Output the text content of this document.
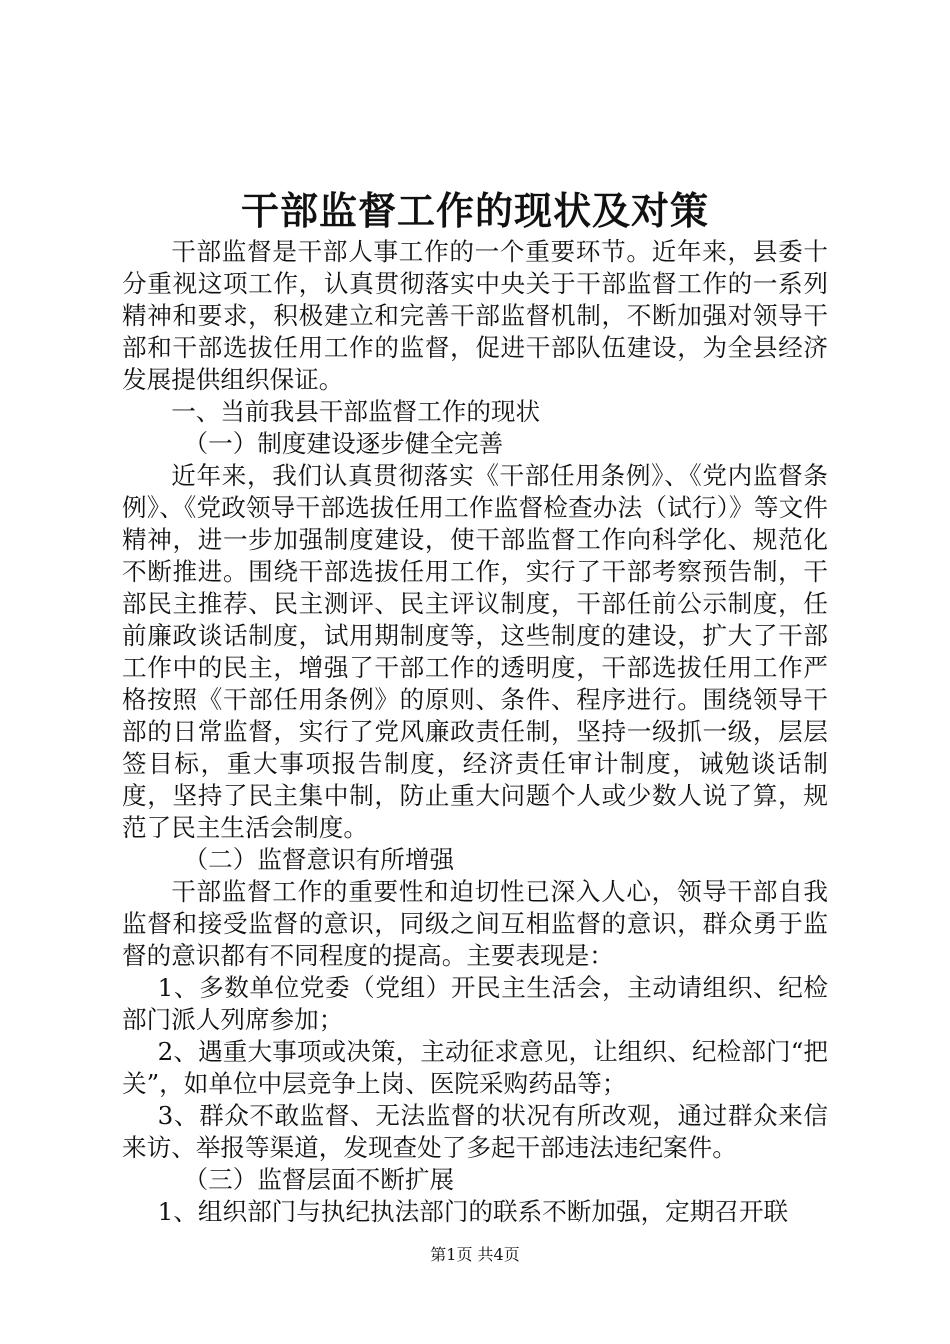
干部监督工作的现状及对策

干部监督是干部人事工作的一个重要环节。近年来，县委十分重视这项工作，认真贯彻落实中央关于干部监督工作的一系列精神和要求，积极建立和完善干部监督机制，不断加强对领导干部和干部选拔任用工作的监督，促进干部队伍建设，为全县经济发展提供组织保证。

一、当前我县干部监督工作的现状

（一）制度建设逐步健全完善

近年来，我们认真贯彻落实《干部任用条例》、《党内监督条例》、《党政领导干部选拔任用工作监督检查办法（试行）》等文件精神，进一步加强制度建设，使干部监督工作向科学化、规范化不断推进。围绕干部选拔任用工作，实行了干部考察预告制，干部民主推荐、民主测评、民主评议制度，干部任前公示制度，任前廉政谈话制度，试用期制度等，这些制度的建设，扩大了干部工作中的民主，增强了干部工作的透明度，干部选拔任用工作严格按照《干部任用条例》的原则、条件、程序进行。围绕领导干部的日常监督，实行了党风廉政责任制，坚持一级抓一级，层层签目标，重大事项报告制度，经济责任审计制度，诫勉谈话制度，坚持了民主集中制，防止重大问题个人或少数人说了算，规范了民主生活会制度。

（二）监督意识有所增强

干部监督工作的重要性和迫切性已深入人心，领导干部自我监督和接受监督的意识，同级之间互相监督的意识，群众勇于监督的意识都有不同程度的提高。主要表现是：

1、多数单位党委（党组）开民主生活会，主动请组织、纪检部门派人列席参加；

2、遇重大事项或决策，主动征求意见，让组织、纪检部门“把关”，如单位中层竞争上岗、医院采购药品等；

3、群众不敢监督、无法监督的状况有所改观，通过群众来信来访、举报等渠道，发现查处了多起干部违法违纪案件。

（三）监督层面不断扩展

1、组织部门与执纪执法部门的联系不断加强，定期召开联

第1页 共4页
